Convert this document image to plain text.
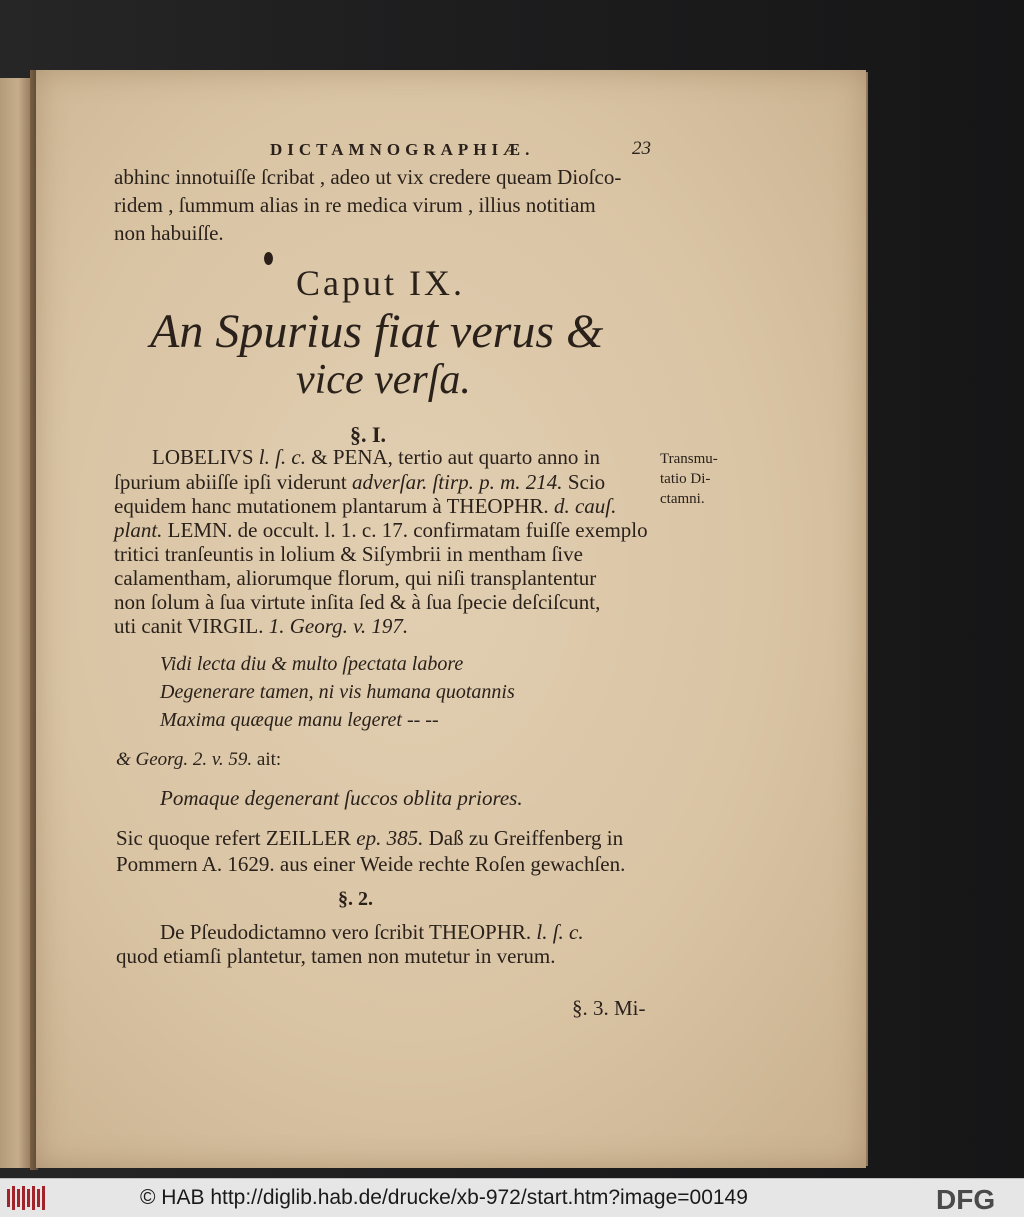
DICTAMNOGRAPHIÆ.	23
abhinc innotuiſſe ſcribat , adeo ut vix credere queam Dioſco-
ridem , ſummum alias in re medica virum , illius notitiam
non habuiſſe.
Caput IX.
An Spurius fiat verus &
vice verſa.
§. I.
LOBELIVS l. ſ. c. & PENA, tertio aut quarto anno in
ſpurium abiiſſe ipſi viderunt adverſar. ſtirp. p. m. 214. Scio
equidem hanc mutationem plantarum à THEOPHR. d. cauſ.
plant. LEMN. de occult. l. 1. c. 17. confirmatam fuiſſe exemplo
tritici tranſeuntis in lolium & Siſymbrii in mentham ſive
calamentham, aliorumque florum, qui niſi transplantentur
non ſolum à ſua virtute inſita ſed & à ſua ſpecie deſciſcunt,
uti canit VIRGIL. 1. Georg. v. 197.
Transmu-
tatio Di-
ctamni.
Vidi lecta diu & multo ſpectata labore
Degenerare tamen, ni vis humana quotannis
Maxima quæque manu legeret -- --
& Georg. 2. v. 59. ait:
Pomaque degenerant ſuccos oblita priores.
Sic quoque refert ZEILLER ep. 385. Daß zu Greiffenberg in
Pommern A. 1629. aus einer Weide rechte Roſen gewachſen.
§. 2.
De Pſeudodictamno vero ſcribit THEOPHR. l. ſ. c.
quod etiamſi plantetur, tamen non mutetur in verum.
§. 3. Mi-
© HAB http://diglib.hab.de/drucke/xb-972/start.htm?image=00149	DFG
